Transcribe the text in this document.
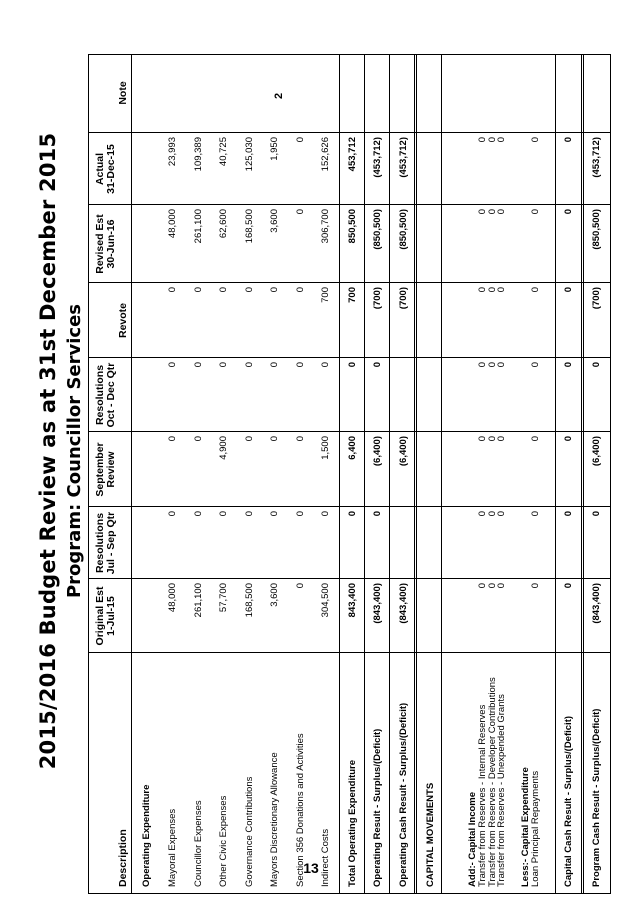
2015/2016 Budget Review as at 31st December 2015 Program: Councillor Services
13
Description
Original Est 1-Jul-15
Resolutions Jul - Sep Qtr
September Review
Resolutions Oct - Dec Qtr
Revote
Revised Est 30-Jun-16
Actual 31-Dec-15
Note
Operating Expenditure Mayoral Expenses
48,000
0
0
0
0
48,000
23,993
Councillor Expenses
261,100
0
0
0
0
261,100
109,389
Other Civic Expenses
57,700
0
4,900
0
0
62,600
40,725
Governance Contributions
168,500
0
0
0
0
168,500
125,030
Mayors Discretionary Allowance
3,600
0
0
0
0
3,600
1,950
Section 356 Donations and Activities
0
0
0
0
0
0
0
2
Indirect Costs
304,500
0
1,500
0
700
306,700
152,626
Total Operating Expenditure
843,400
0
6,400
0
700
850,500
453,712
Operating Result - Surplus/(Deficit)
(843,400)
0
(6,400)
0
(700)
(850,500)
(453,712)
Operating Cash Result - Surplus/(Deficit)
(843,400)
(6,400)
(700)
(850,500)
(453,712)
CAPITAL MOVEMENTS	Add:- Capital Income Transfer from Reserves - Internal Reserves
0
0
0
0
0
0
0
Transfer from Reserves - Developer Contributions
0
0
0
0
0
0
0
Transfer from Reserves - Unexpended Grants
0
0
0
0
0
0
0
Less:- Capital Expenditure Loan Principal Repayments
0
0
0
0
0
0
0
Capital Cash Result - Surplus/(Deficit)
0
0
0
0
0
0
0
Program Cash Result - Surplus/(Deficit)
(843,400)
0
(6,400)
0
(700)
(850,500)
(453,712)
